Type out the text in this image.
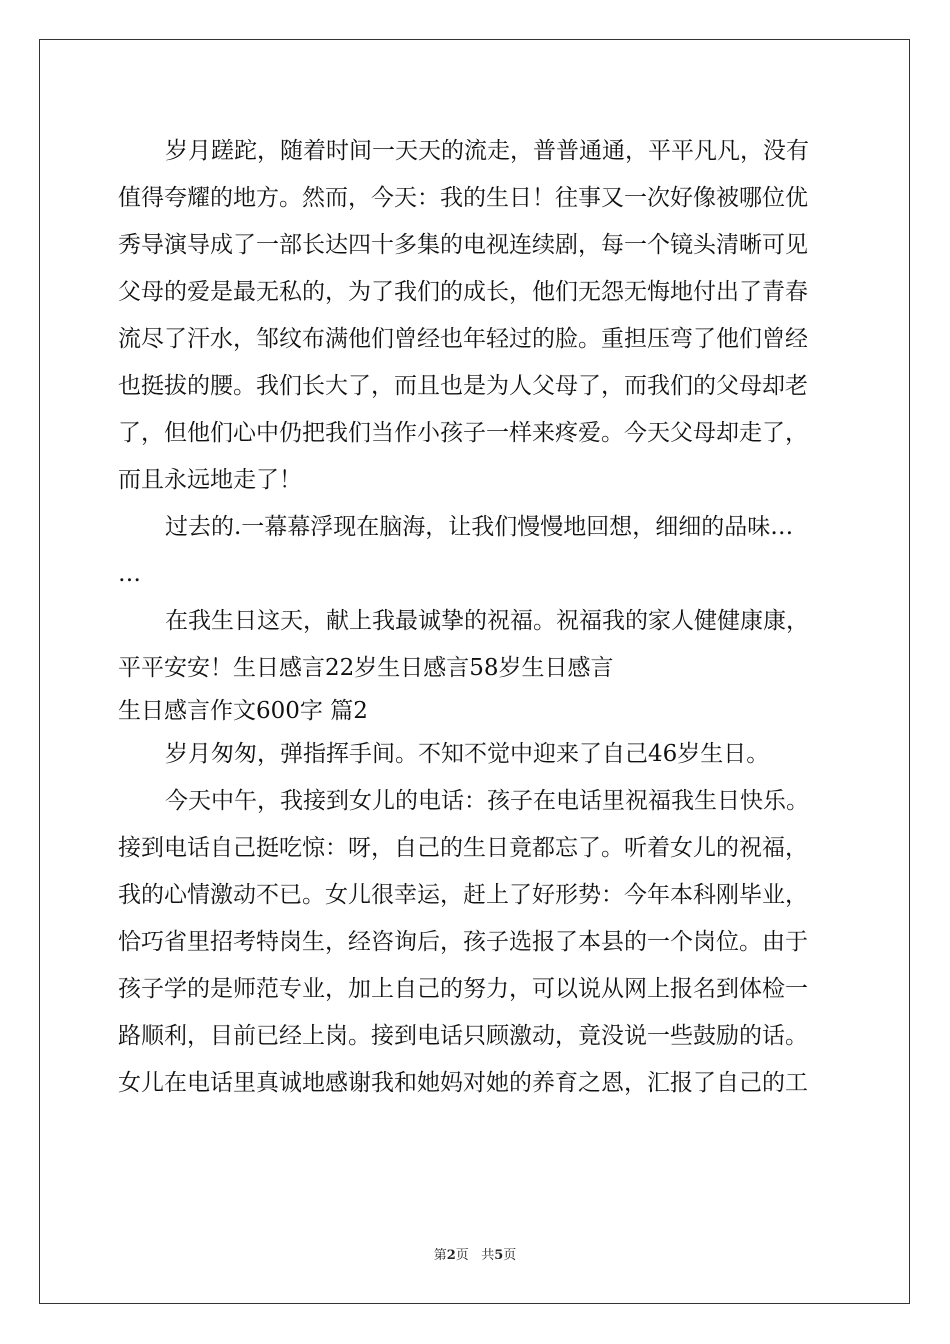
岁月蹉跎，随着时间一天天的流走，普普通通，平平凡凡，没有
值得夸耀的地方。然而，今天：我的生日！往事又一次好像被哪位优
秀导演导成了一部长达四十多集的电视连续剧，每一个镜头清晰可见
父母的爱是最无私的，为了我们的成长，他们无怨无悔地付出了青春
流尽了汗水，邹纹布满他们曾经也年轻过的脸。重担压弯了他们曾经
也挺拔的腰。我们长大了，而且也是为人父母了，而我们的父母却老
了，但他们心中仍把我们当作小孩子一样来疼爱。今天父母却走了，
而且永远地走了！
过去的.一幕幕浮现在脑海，让我们慢慢地回想，细细的品味…
…
在我生日这天，献上我最诚挚的祝福。祝福我的家人健健康康，
平平安安！生日感言22岁生日感言58岁生日感言
生日感言作文600字 篇2
岁月匆匆，弹指挥手间。不知不觉中迎来了自己46岁生日。
今天中午，我接到女儿的电话：孩子在电话里祝福我生日快乐。
接到电话自己挺吃惊：呀，自己的生日竟都忘了。听着女儿的祝福，
我的心情激动不已。女儿很幸运，赶上了好形势：今年本科刚毕业，
恰巧省里招考特岗生，经咨询后，孩子选报了本县的一个岗位。由于
孩子学的是师范专业，加上自己的努力，可以说从网上报名到体检一
路顺利，目前已经上岗。接到电话只顾激动，竟没说一些鼓励的话。
女儿在电话里真诚地感谢我和她妈对她的养育之恩，汇报了自己的工
第2页 共5页
